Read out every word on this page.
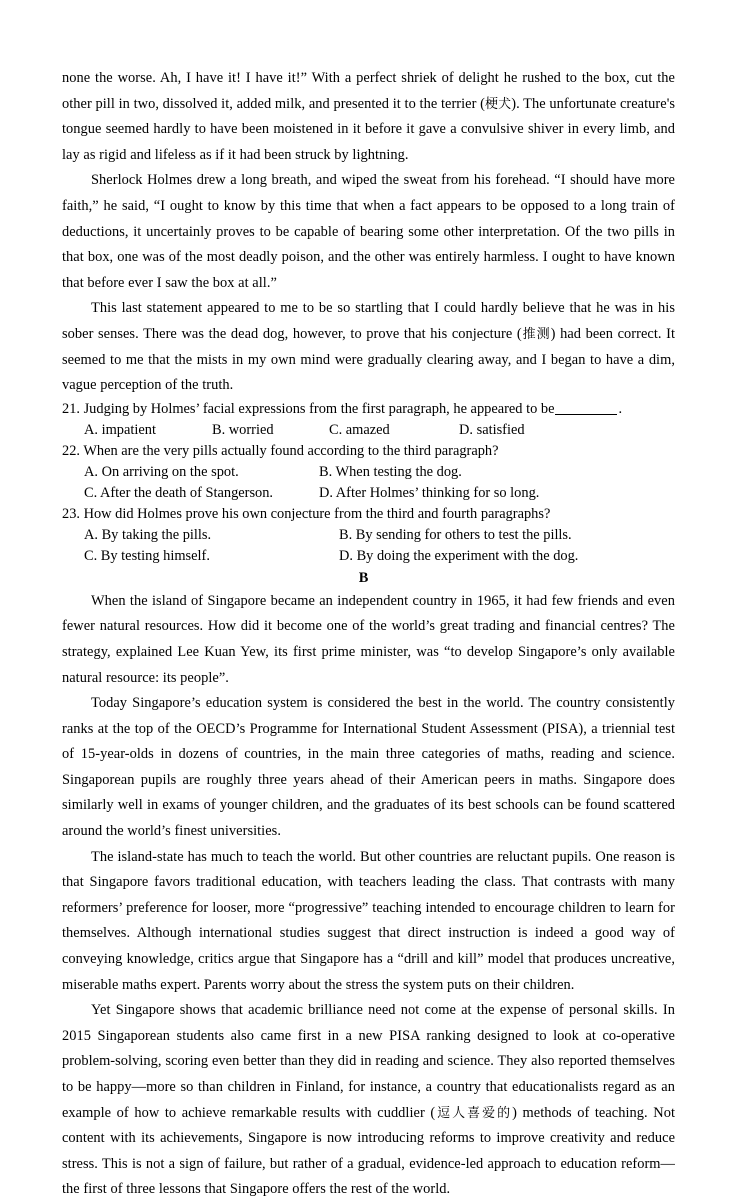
none the worse. Ah, I have it! I have it!” With a perfect shriek of delight he rushed to the box, cut the other pill in two, dissolved it, added milk, and presented it to the terrier (梗犬). The unfortunate creature's tongue seemed hardly to have been moistened in it before it gave a convulsive shiver in every limb, and lay as rigid and lifeless as if it had been struck by lightning.

Sherlock Holmes drew a long breath, and wiped the sweat from his forehead. “I should have more faith,” he said, “I ought to know by this time that when a fact appears to be opposed to a long train of deductions, it uncertainly proves to be capable of bearing some other interpretation. Of the two pills in that box, one was of the most deadly poison, and the other was entirely harmless. I ought to have known that before ever I saw the box at all.”

This last statement appeared to me to be so startling that I could hardly believe that he was in his sober senses. There was the dead dog, however, to prove that his conjecture (推测) had been correct. It seemed to me that the mists in my own mind were gradually clearing away, and I began to have a dim, vague perception of the truth.

21. Judging by Holmes’ facial expressions from the first paragraph, he appeared to be	.

A. impatient	B. worried	C. amazed	D. satisfied

22. When are the very pills actually found according to the third paragraph?

A. On arriving on the spot.	B. When testing the dog.
C. After the death of Stangerson.	D. After Holmes’ thinking for so long.

23. How did Holmes prove his own conjecture from the third and fourth paragraphs?

A. By taking the pills.	B. By sending for others to test the pills.
C. By testing himself.	D. By doing the experiment with the dog.

B

When the island of Singapore became an independent country in 1965, it had few friends and even fewer natural resources. How did it become one of the world’s great trading and financial centres? The strategy, explained Lee Kuan Yew, its first prime minister, was “to develop Singapore’s only available natural resource: its people”.

Today Singapore’s education system is considered the best in the world. The country consistently ranks at the top of the OECD’s Programme for International Student Assessment (PISA), a triennial test of 15-year-olds in dozens of countries, in the main three categories of maths, reading and science. Singaporean pupils are roughly three years ahead of their American peers in maths. Singapore does similarly well in exams of younger children, and the graduates of its best schools can be found scattered around the world’s finest universities.

The island-state has much to teach the world. But other countries are reluctant pupils. One reason is that Singapore favors traditional education, with teachers leading the class. That contrasts with many reformers’ preference for looser, more “progressive” teaching intended to encourage children to learn for themselves. Although international studies suggest that direct instruction is indeed a good way of conveying knowledge, critics argue that Singapore has a “drill and kill” model that produces uncreative, miserable maths expert. Parents worry about the stress the system puts on their children.

Yet Singapore shows that academic brilliance need not come at the expense of personal skills. In 2015 Singaporean students also came first in a new PISA ranking designed to look at co-operative problem-solving, scoring even better than they did in reading and science. They also reported themselves to be happy—more so than children in Finland, for instance, a country that educationalists regard as an example of how to achieve remarkable results with cuddlier (逗人喜爱的) methods of teaching. Not content with its achievements, Singapore is now introducing reforms to improve creativity and reduce stress. This is not a sign of failure, but rather of a gradual, evidence-led approach to education reform—the first of three lessons that Singapore offers the rest of the world.
